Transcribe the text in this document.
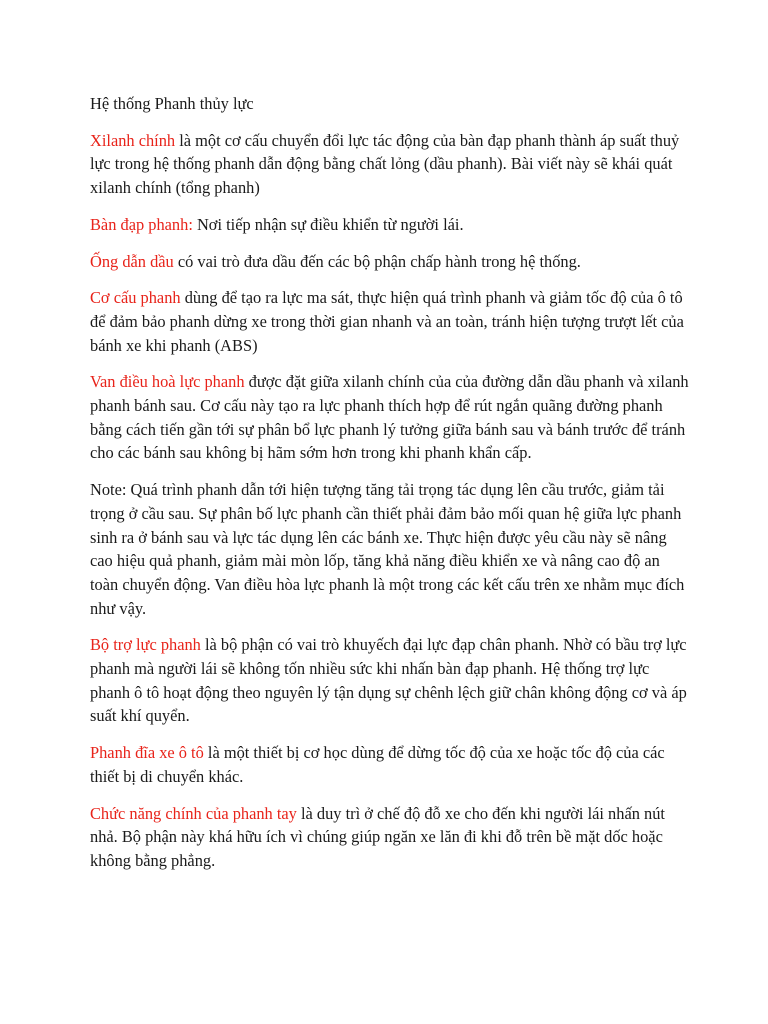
Hệ thống Phanh thủy lực

Xilanh chính là một cơ cấu chuyển đổi lực tác động của bàn đạp phanh thành áp suất thuỷ lực trong hệ thống phanh dẫn động bằng chất lỏng (dầu phanh). Bài viết này sẽ khái quát xilanh chính (tổng phanh)

Bàn đạp phanh: Nơi tiếp nhận sự điều khiển từ người lái.

Ống dẫn dầu có vai trò đưa dầu đến các bộ phận chấp hành trong hệ thống.

Cơ cấu phanh dùng để tạo ra lực ma sát, thực hiện quá trình phanh và giảm tốc độ của ô tô để đảm bảo phanh dừng xe trong thời gian nhanh và an toàn, tránh hiện tượng trượt lết của bánh xe khi phanh (ABS)

Van điều hoà lực phanh được đặt giữa xilanh chính của của đường dẫn dầu phanh và xilanh phanh bánh sau. Cơ cấu này tạo ra lực phanh thích hợp để rút ngắn quãng đường phanh bằng cách tiến gần tới sự phân bổ lực phanh lý tưởng giữa bánh sau và bánh trước để tránh cho các bánh sau không bị hãm sớm hơn trong khi phanh khẩn cấp.

Note: Quá trình phanh dẫn tới hiện tượng tăng tải trọng tác dụng lên cầu trước, giảm tải trọng ở cầu sau. Sự phân bố lực phanh cần thiết phải đảm bảo mối quan hệ giữa lực phanh sinh ra ở bánh sau và lực tác dụng lên các bánh xe. Thực hiện được yêu cầu này sẽ nâng cao hiệu quả phanh, giảm mài mòn lốp, tăng khả năng điều khiển xe và nâng cao độ an toàn chuyển động. Van điều hòa lực phanh là một trong các kết cấu trên xe nhằm mục đích như vậy.

Bộ trợ lực phanh là bộ phận có vai trò khuyếch đại lực đạp chân phanh. Nhờ có bầu trợ lực phanh mà người lái sẽ không tốn nhiều sức khi nhấn bàn đạp phanh. Hệ thống trợ lực phanh ô tô hoạt động theo nguyên lý tận dụng sự chênh lệch giữ chân không động cơ và áp suất khí quyển.

Phanh đĩa xe ô tô là một thiết bị cơ học dùng để dừng tốc độ của xe hoặc tốc độ của các thiết bị di chuyển khác.

Chức năng chính của phanh tay là duy trì ở chế độ đỗ xe cho đến khi người lái nhấn nút nhả. Bộ phận này khá hữu ích vì chúng giúp ngăn xe lăn đi khi đỗ trên bề mặt dốc hoặc không bằng phẳng.
